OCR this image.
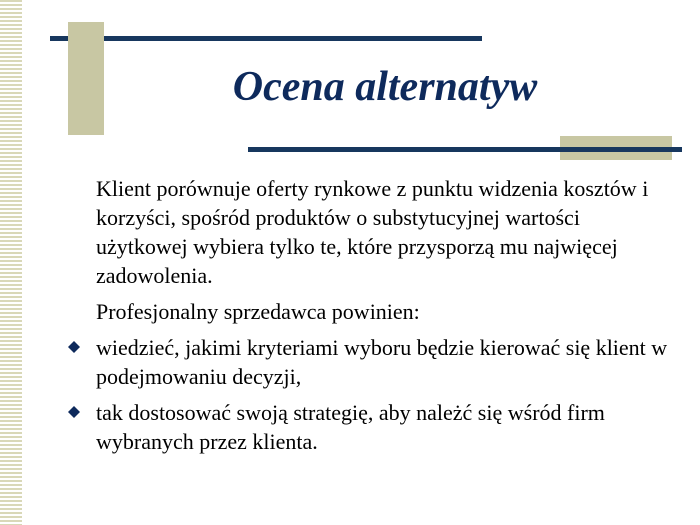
Ocena alternatyw

Klient porównuje oferty rynkowe z punktu widzenia kosztów i korzyści, spośród produktów o substytucyjnej wartości użytkowej wybiera tylko te, które przysporzą mu najwięcej zadowolenia.

Profesjonalny sprzedawca powinien:

wiedzieć, jakimi kryteriami wyboru będzie kierować się klient w podejmowaniu decyzji,
tak dostosować swoją strategię, aby należć się wśród firm wybranych przez klienta.
